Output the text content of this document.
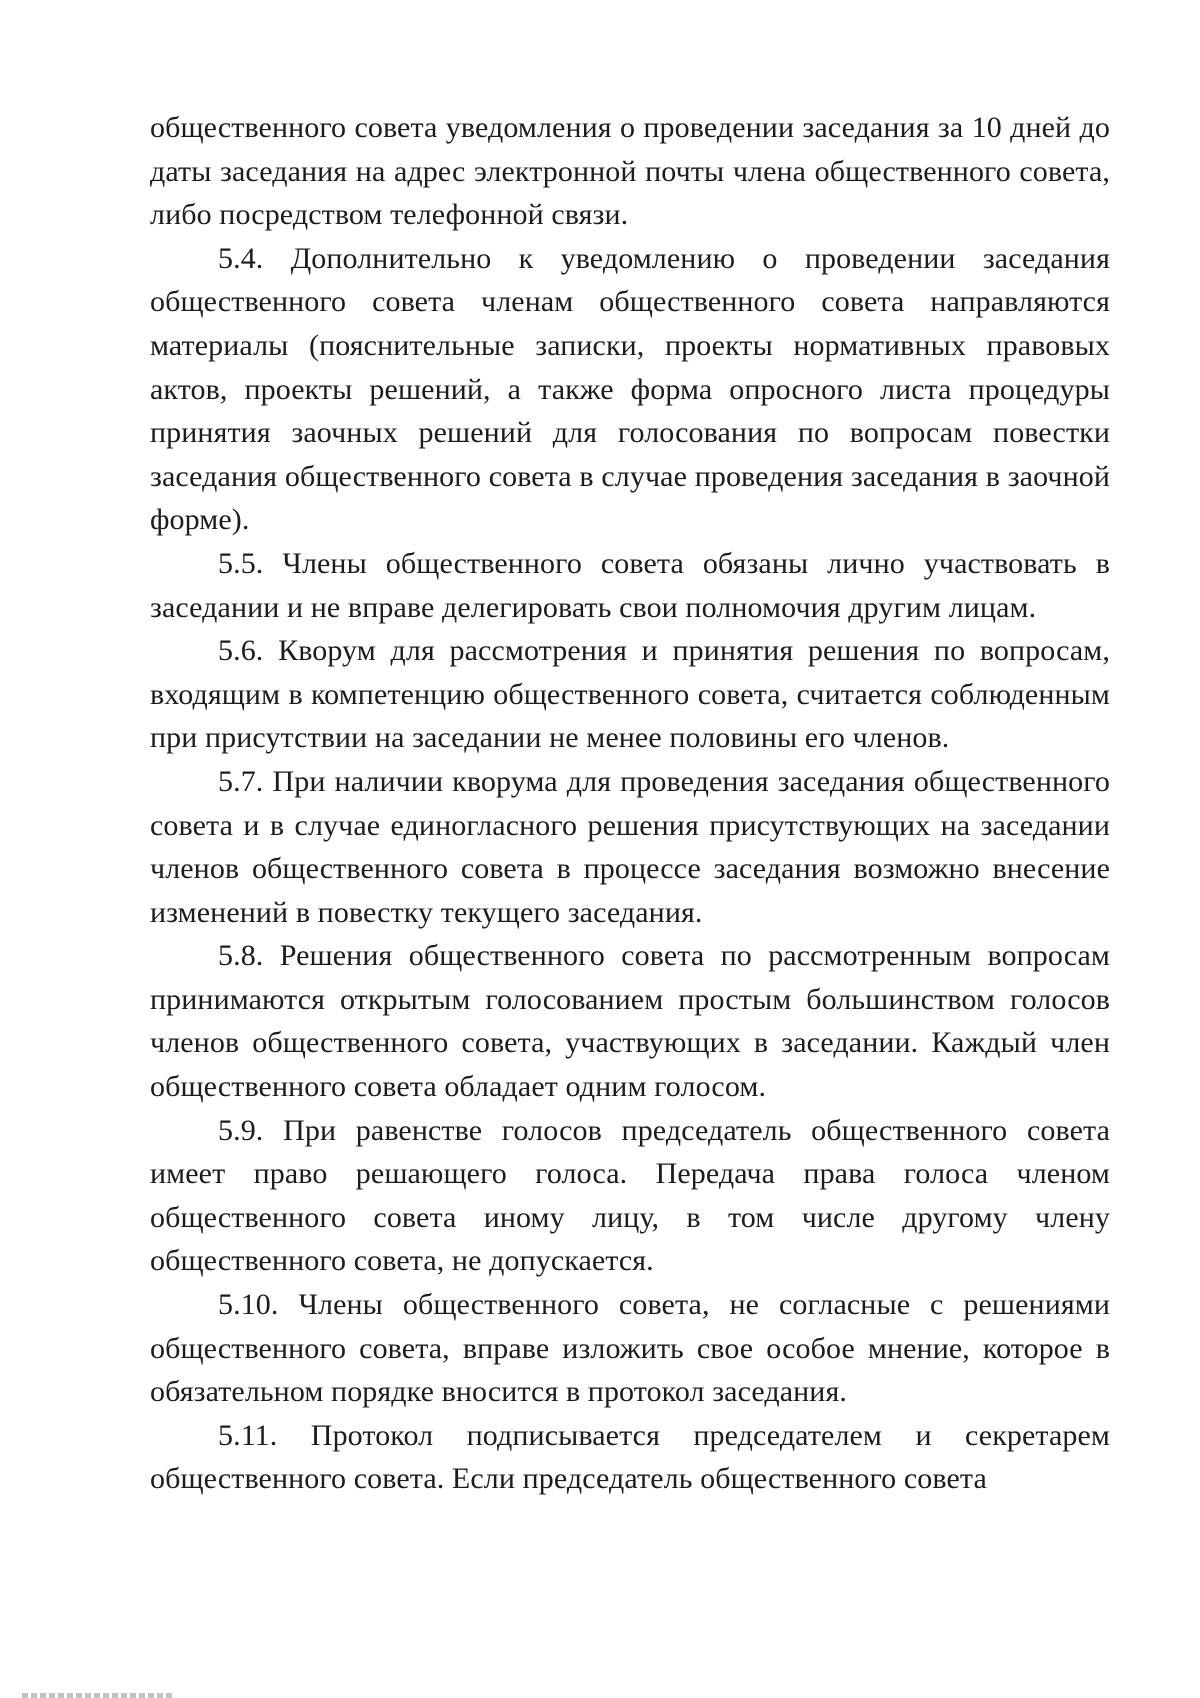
общественного совета уведомления о проведении заседания за 10 дней до даты заседания на адрес электронной почты члена общественного совета, либо посредством телефонной связи.

5.4. Дополнительно к уведомлению о проведении заседания общественного совета членам общественного совета направляются материалы (пояснительные записки, проекты нормативных правовых актов, проекты решений, а также форма опросного листа процедуры принятия заочных решений для голосования по вопросам повестки заседания общественного совета в случае проведения заседания в заочной форме).

5.5. Члены общественного совета обязаны лично участвовать в заседании и не вправе делегировать свои полномочия другим лицам.

5.6. Кворум для рассмотрения и принятия решения по вопросам, входящим в компетенцию общественного совета, считается соблюденным при присутствии на заседании не менее половины его членов.

5.7. При наличии кворума для проведения заседания общественного совета и в случае единогласного решения присутствующих на заседании членов общественного совета в процессе заседания возможно внесение изменений в повестку текущего заседания.

5.8. Решения общественного совета по рассмотренным вопросам принимаются открытым голосованием простым большинством голосов членов общественного совета, участвующих в заседании. Каждый член общественного совета обладает одним голосом.

5.9. При равенстве голосов председатель общественного совета имеет право решающего голоса. Передача права голоса членом общественного совета иному лицу, в том числе другому члену общественного совета, не допускается.

5.10. Члены общественного совета, не согласные с решениями общественного совета, вправе изложить свое особое мнение, которое в обязательном порядке вносится в протокол заседания.

5.11. Протокол подписывается председателем и секретарем общественного совета. Если председатель общественного совета
